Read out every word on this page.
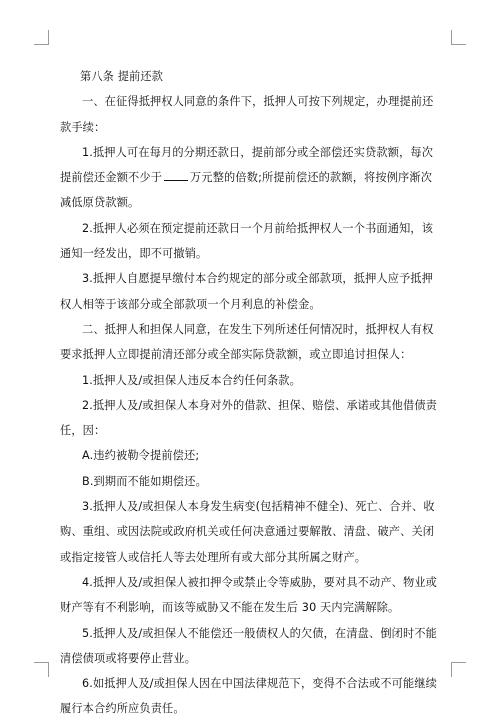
第八条 提前还款

一、在征得抵押权人同意的条件下，抵押人可按下列规定，办理提前还款手续：

1.抵押人可在每月的分期还款日，提前部分或全部偿还实贷款额，每次提前偿还金额不少于	万元整的倍数;所提前偿还的款额，将按例序渐次减低原贷款额。

2.抵押人必须在预定提前还款日一个月前给抵押权人一个书面通知，该通知一经发出，即不可撤销。

3.抵押人自愿提早缴付本合约规定的部分或全部款项，抵押人应予抵押权人相等于该部分或全部款项一个月利息的补偿金。

二、抵押人和担保人同意，在发生下列所述任何情况时，抵押权人有权要求抵押人立即提前清还部分或全部实际贷款额，或立即追讨担保人：

1.抵押人及/或担保人违反本合约任何条款。

2.抵押人及/或担保人本身对外的借款、担保、赔偿、承诺或其他借债责任，因：

A.违约被勒令提前偿还;

B.到期而不能如期偿还。

3.抵押人及/或担保人本身发生病变(包括精神不健全)、死亡、合并、收购、重组、或因法院或政府机关或任何决意通过要解散、清盘、破产、关闭或指定接管人或信托人等去处理所有或大部分其所属之财产。

4.抵押人及/或担保人被扣押令或禁止令等威胁，要对具不动产、物业或财产等有不利影响，而该等威胁又不能在发生后 30 天内完满解除。

5.抵押人及/或担保人不能偿还一般债权人的欠债，在清盘、倒闭时不能清偿债项或将要停止营业。

6.如抵押人及/或担保人因在中国法律规范下，变得不合法或不可能继续履行本合约所应负责任。
